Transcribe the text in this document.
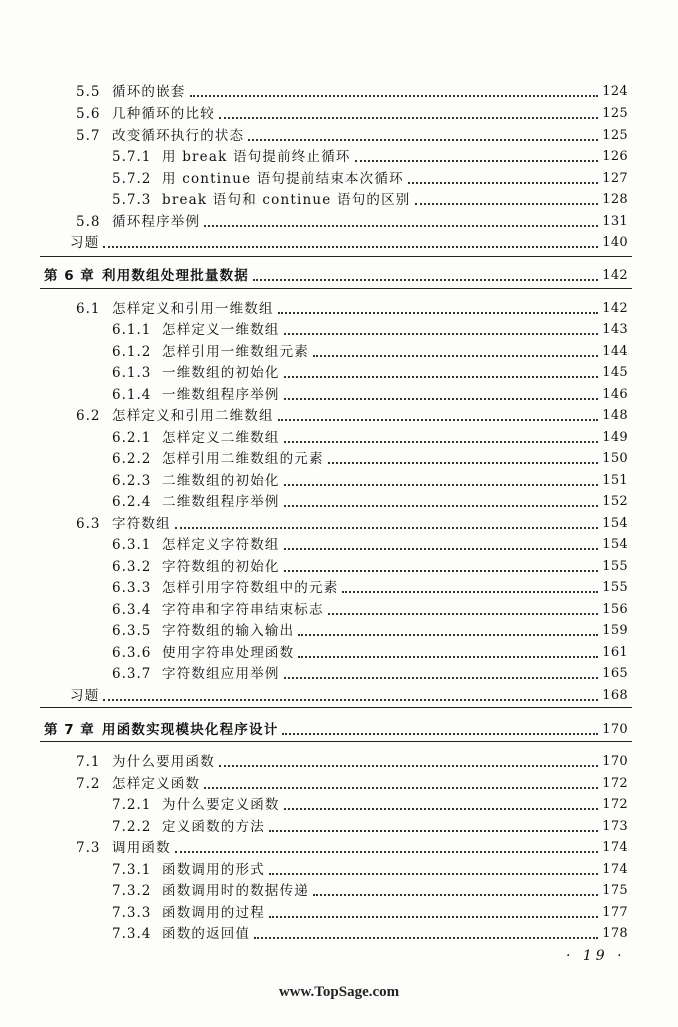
5.5 循环的嵌套	124
5.6 几种循环的比较	125
5.7 改变循环执行的状态	125
5.7.1 用 break 语句提前终止循环	126
5.7.2 用 continue 语句提前结束本次循环	127
5.7.3 break 语句和 continue 语句的区别	128
5.8 循环程序举例	131
习题	140
第 6 章 利用数组处理批量数据	142
6.1 怎样定义和引用一维数组	142
6.1.1 怎样定义一维数组	143
6.1.2 怎样引用一维数组元素	144
6.1.3 一维数组的初始化	145
6.1.4 一维数组程序举例	146
6.2 怎样定义和引用二维数组	148
6.2.1 怎样定义二维数组	149
6.2.2 怎样引用二维数组的元素	150
6.2.3 二维数组的初始化	151
6.2.4 二维数组程序举例	152
6.3 字符数组	154
6.3.1 怎样定义字符数组	154
6.3.2 字符数组的初始化	155
6.3.3 怎样引用字符数组中的元素	155
6.3.4 字符串和字符串结束标志	156
6.3.5 字符数组的输入输出	159
6.3.6 使用字符串处理函数	161
6.3.7 字符数组应用举例	165
习题	168
第 7 章 用函数实现模块化程序设计	170
7.1 为什么要用函数	170
7.2 怎样定义函数	172
7.2.1 为什么要定义函数	172
7.2.2 定义函数的方法	173
7.3 调用函数	174
7.3.1 函数调用的形式	174
7.3.2 函数调用时的数据传递	175
7.3.3 函数调用的过程	177
7.3.4 函数的返回值	178
· 19 ·
www.TopSage.com
